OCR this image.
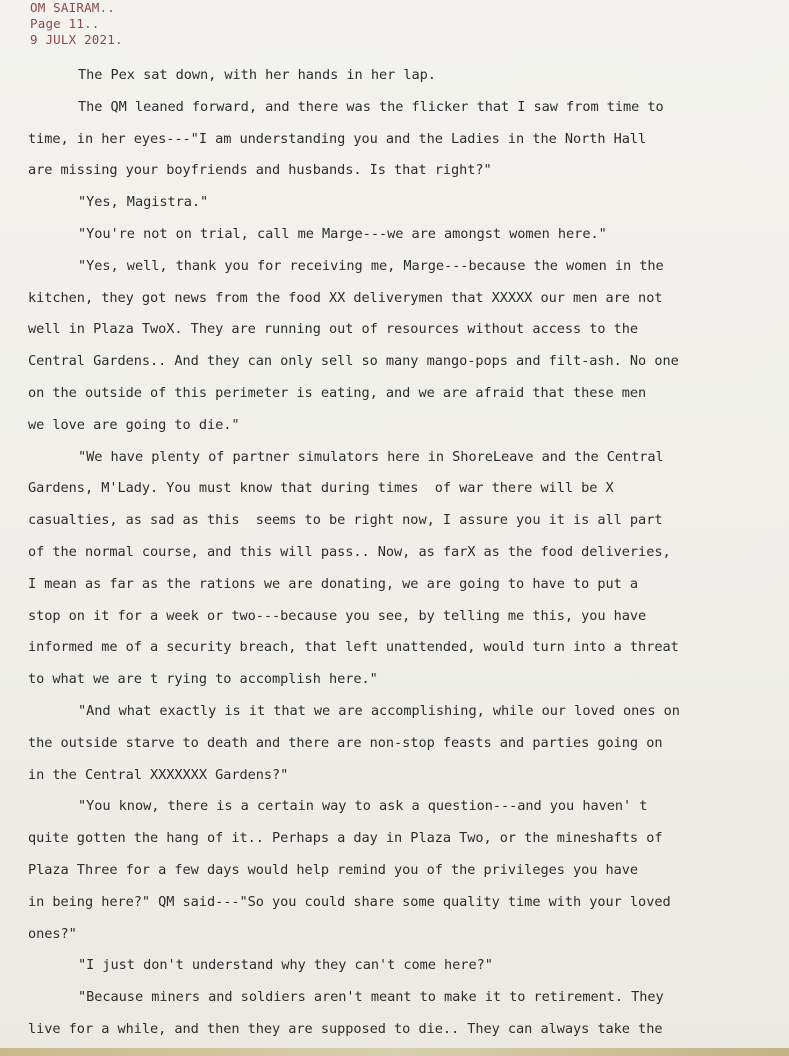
OM SAIRAM..
Page 11..
9 JULX 2021.
The Pex sat down, with her hands in her lap.
The QM leaned forward, and there was the flicker that I saw from time to
time, in her eyes---"I am understanding you and the Ladies in the North Hall
are missing your boyfriends and husbands. Is that right?"
"Yes, Magistra."
"You're not on trial, call me Marge---we are amongst women here."
"Yes, well, thank you for receiving me, Marge---because the women in the
kitchen, they got news from the food XX deliverymen that XXXXX our men are not
well in Plaza TwoX. They are running out of resources without access to the
Central Gardens.. And they can only sell so many mango-pops and filt-ash. No one
on the outside of this perimeter is eating, and we are afraid that these men
we love are going to die."
"We have plenty of partner simulators here in ShoreLeave and the Central
Gardens, M'Lady. You must know that during times  of war there will be X
casualties, as sad as this  seems to be right now, I assure you it is all part
of the normal course, and this will pass.. Now, as farX as the food deliveries,
I mean as far as the rations we are donating, we are going to have to put a
stop on it for a week or two---because you see, by telling me this, you have
informed me of a security breach, that left unattended, would turn into a threat
to what we are t rying to accomplish here."
"And what exactly is it that we are accomplishing, while our loved ones on
the outside starve to death and there are non-stop feasts and parties going on
in the Central XXXXXXX Gardens?"
"You know, there is a certain way to ask a question---and you haven' t
quite gotten the hang of it.. Perhaps a day in Plaza Two, or the mineshafts of
Plaza Three for a few days would help remind you of the privileges you have
in being here?" QM said---"So you could share some quality time with your loved
ones?"
"I just don't understand why they can't come here?"
"Because miners and soldiers aren't meant to make it to retirement. They
live for a while, and then they are supposed to die.. They can always take the
